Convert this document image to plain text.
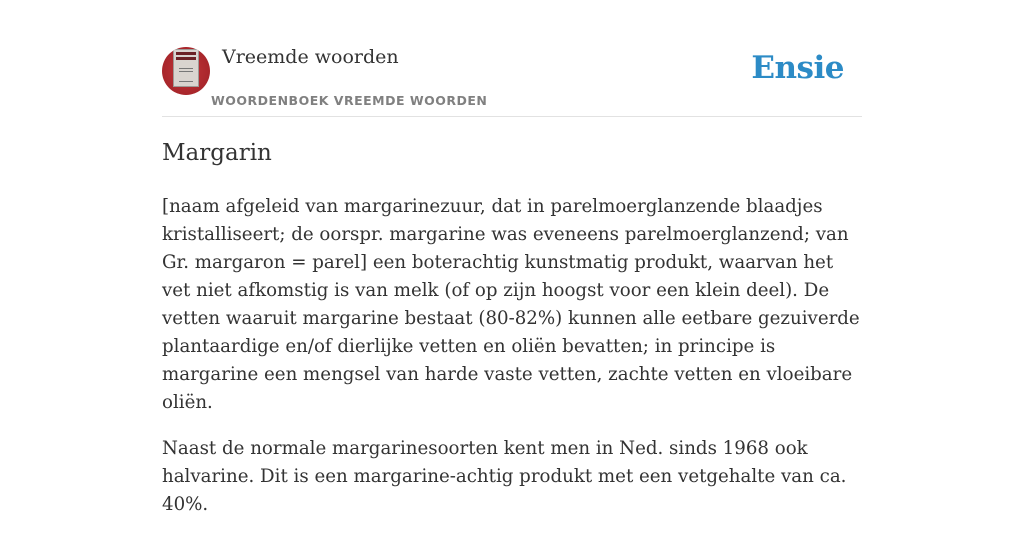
Vreemde woorden
WOORDENBOEK VREEMDE WOORDEN
Ensie
Margarin

[naam afgeleid van margarinezuur, dat in parelmoerglanzende blaadjes kristalliseert; de oorspr. margarine was eveneens parelmoerglanzend; van Gr. margaron = parel] een boterachtig kunstmatig produkt, waarvan het vet niet afkomstig is van melk (of op zijn hoogst voor een klein deel). De vetten waaruit margarine bestaat (80-82%) kunnen alle eetbare gezuiverde plantaardige en/of dierlijke vetten en oliën bevatten; in principe is margarine een mengsel van harde vaste vetten, zachte vetten en vloeibare oliën.

Naast de normale margarinesoorten kent men in Ned. sinds 1968 ook halvarine. Dit is een margarine-achtig produkt met een vetgehalte van ca. 40%.
